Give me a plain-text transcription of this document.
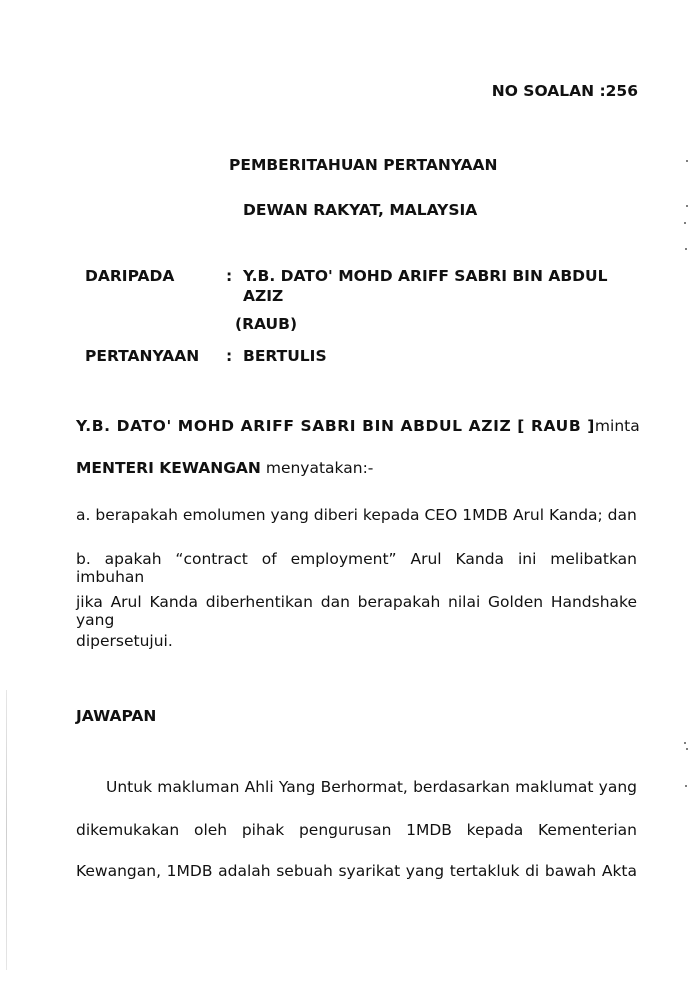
NO SOALAN :256
PEMBERITAHUAN PERTANYAAN
DEWAN RAKYAT, MALAYSIA
DARIPADA	: Y.B. DATO' MOHD ARIFF SABRI BIN ABDUL
AZIZ
(RAUB)
PERTANYAAN : BERTULIS
Y.B. DATO' MOHD ARIFF SABRI BIN ABDUL AZIZ [ RAUB ] minta
MENTERI KEWANGAN menyatakan:-
a. berapakah emolumen yang diberi kepada CEO 1MDB Arul Kanda; dan
b. apakah “contract of employment” Arul Kanda ini melibatkan imbuhan
jika Arul Kanda diberhentikan dan berapakah nilai Golden Handshake yang
dipersetujui.
JAWAPAN
Untuk makluman Ahli Yang Berhormat, berdasarkan maklumat yang
dikemukakan oleh pihak pengurusan 1MDB kepada Kementerian
Kewangan, 1MDB adalah sebuah syarikat yang tertakluk di bawah Akta
